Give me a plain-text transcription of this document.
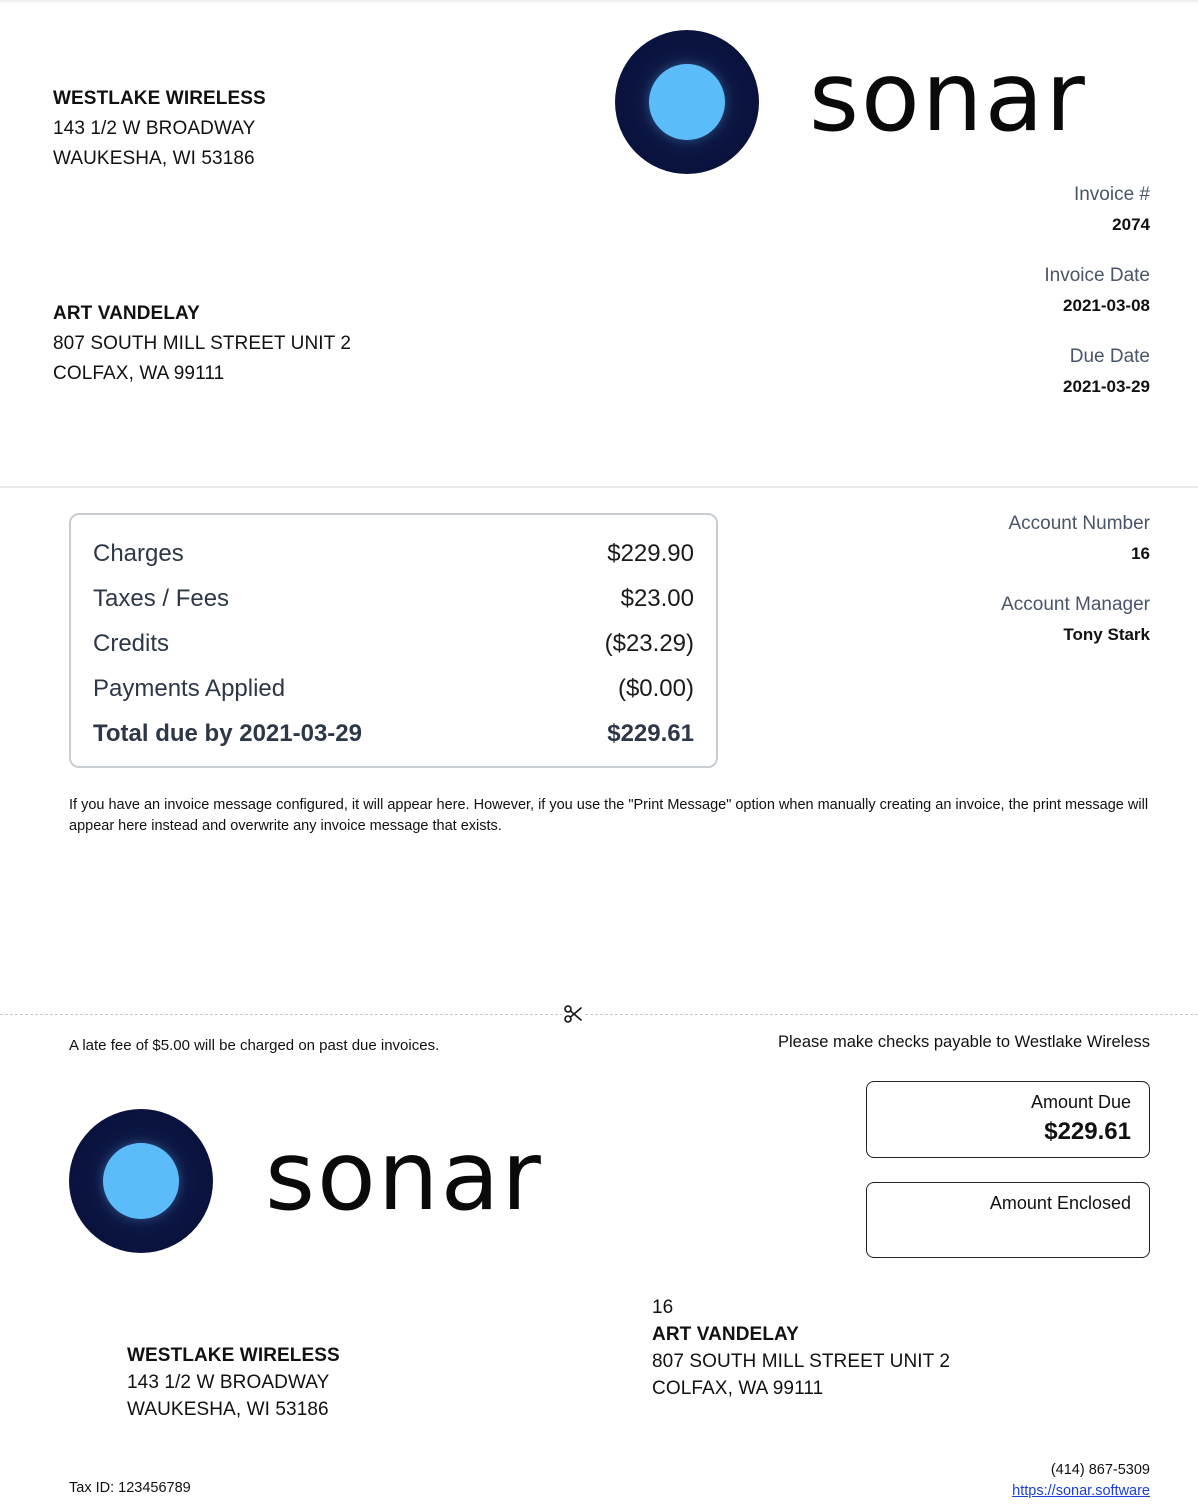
WESTLAKE WIRELESS
143 1/2 W BROADWAY
WAUKESHA, WI 53186
sonar
Invoice #
2074
Invoice Date
2021-03-08
Due Date
2021-03-29
ART VANDELAY
807 SOUTH MILL STREET UNIT 2
COLFAX, WA 99111
Charges	$229.90
Taxes / Fees	$23.00
Credits	($23.29)
Payments Applied	($0.00)
Total due by 2021-03-29	$229.61
Account Number
16
Account Manager
Tony Stark
If you have an invoice message configured, it will appear here. However, if you use the "Print Message" option when manually creating an invoice, the print message will appear here instead and overwrite any invoice message that exists.
A late fee of $5.00 will be charged on past due invoices.	Please make checks payable to Westlake Wireless
Amount Due
$229.61
Amount Enclosed
sonar
WESTLAKE WIRELESS
143 1/2 W BROADWAY
WAUKESHA, WI 53186
16
ART VANDELAY
807 SOUTH MILL STREET UNIT 2
COLFAX, WA 99111
Tax ID: 123456789
(414) 867-5309
https://sonar.software
